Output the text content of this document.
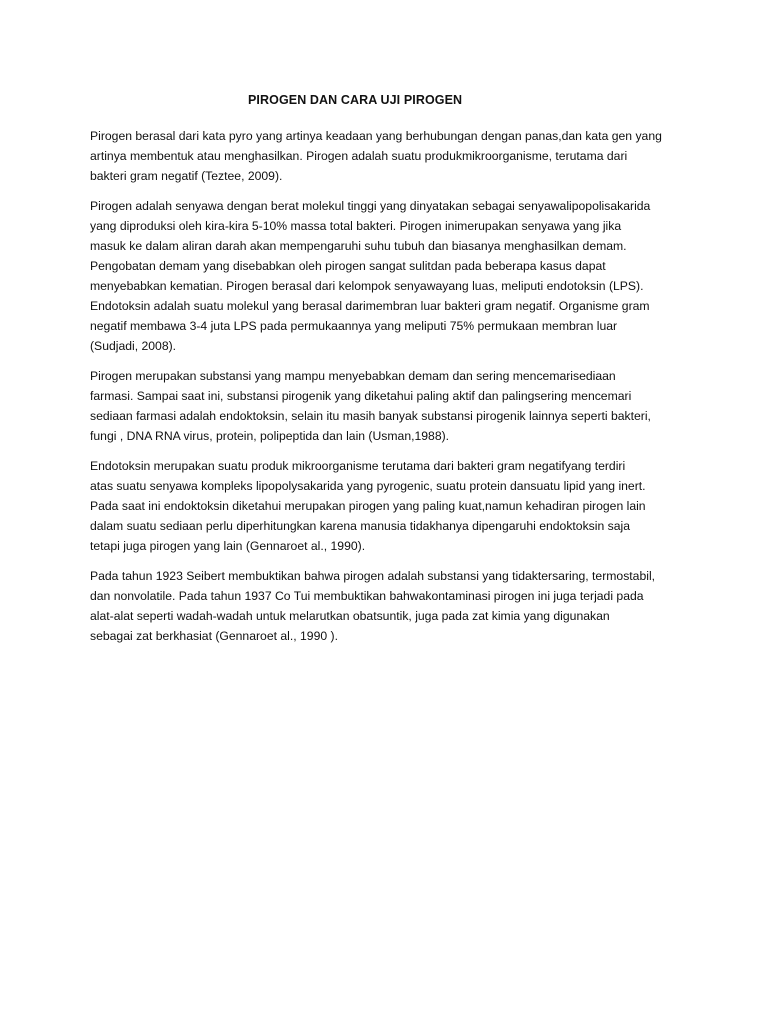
PIROGEN DAN CARA UJI PIROGEN

Pirogen berasal dari kata pyro yang artinya keadaan yang berhubungan dengan panas,dan kata gen yang
artinya membentuk atau menghasilkan. Pirogen adalah suatu produkmikroorganisme, terutama dari
bakteri gram negatif (Teztee, 2009).

Pirogen adalah senyawa dengan berat molekul tinggi yang dinyatakan sebagai senyawalipopolisakarida
yang diproduksi oleh kira-kira 5-10% massa total bakteri. Pirogen inimerupakan senyawa yang jika
masuk ke dalam aliran darah akan mempengaruhi suhu tubuh dan biasanya menghasilkan demam.
Pengobatan demam yang disebabkan oleh pirogen sangat sulitdan pada beberapa kasus dapat
menyebabkan kematian. Pirogen berasal dari kelompok senyawayang luas, meliputi endotoksin (LPS).
Endotoksin adalah suatu molekul yang berasal darimembran luar bakteri gram negatif. Organisme gram
negatif membawa 3-4 juta LPS pada permukaannya yang meliputi 75% permukaan membran luar
(Sudjadi, 2008).

Pirogen merupakan substansi yang mampu menyebabkan demam dan sering mencemarisediaan
farmasi. Sampai saat ini, substansi pirogenik yang diketahui paling aktif dan palingsering mencemari
sediaan farmasi adalah endoktoksin, selain itu masih banyak substansi pirogenik lainnya seperti bakteri,
fungi , DNA RNA virus, protein, polipeptida dan lain (Usman,1988).

Endotoksin merupakan suatu produk mikroorganisme terutama dari bakteri gram negatifyang terdiri
atas suatu senyawa kompleks lipopolysakarida yang pyrogenic, suatu protein dansuatu lipid yang inert.
Pada saat ini endoktoksin diketahui merupakan pirogen yang paling kuat,namun kehadiran pirogen lain
dalam suatu sediaan perlu diperhitungkan karena manusia tidakhanya dipengaruhi endoktoksin saja
tetapi juga pirogen yang lain (Gennaroet al., 1990).

Pada tahun 1923 Seibert membuktikan bahwa pirogen adalah substansi yang tidaktersaring, termostabil,
dan nonvolatile. Pada tahun 1937 Co Tui membuktikan bahwakontaminasi pirogen ini juga terjadi pada
alat-alat seperti wadah-wadah untuk melarutkan obatsuntik, juga pada zat kimia yang digunakan
sebagai zat berkhasiat (Gennaroet al., 1990 ).
